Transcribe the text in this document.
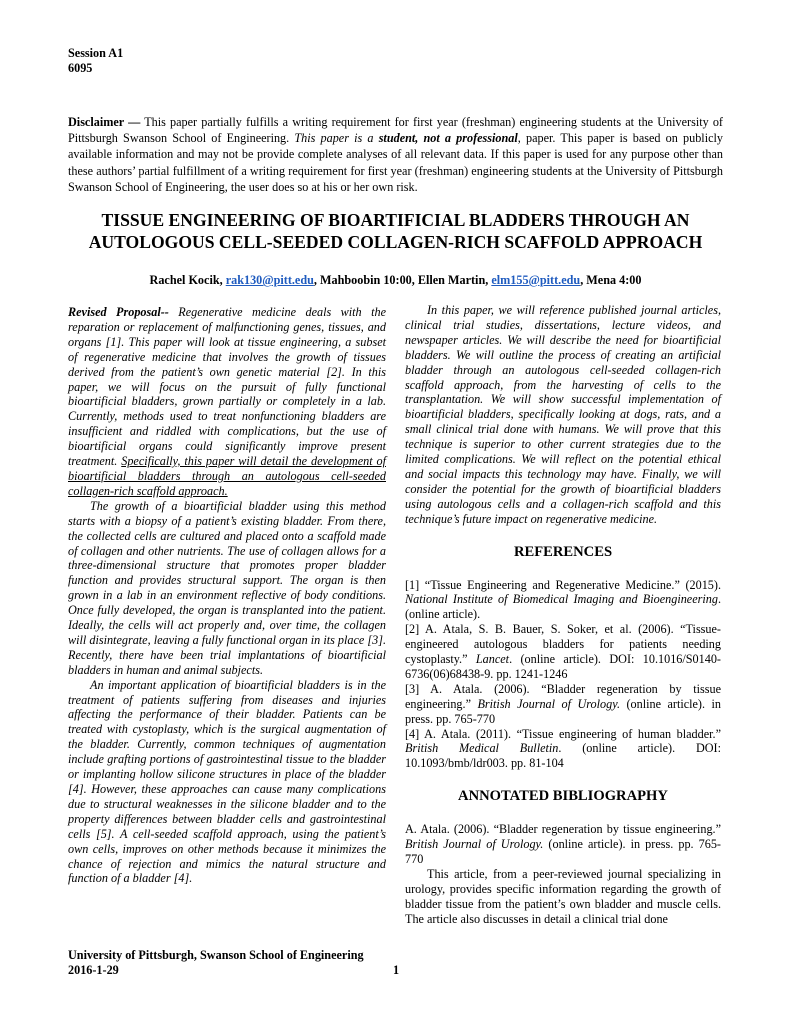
Session A1
6095
Disclaimer — This paper partially fulfills a writing requirement for first year (freshman) engineering students at the University of Pittsburgh Swanson School of Engineering. This paper is a student, not a professional, paper. This paper is based on publicly available information and may not be provide complete analyses of all relevant data. If this paper is used for any purpose other than these authors’ partial fulfillment of a writing requirement for first year (freshman) engineering students at the University of Pittsburgh Swanson School of Engineering, the user does so at his or her own risk.
TISSUE ENGINEERING OF BIOARTIFICIAL BLADDERS THROUGH AN
AUTOLOGOUS CELL-SEEDED COLLAGEN-RICH SCAFFOLD APPROACH
Rachel Kocik, rak130@pitt.edu, Mahboobin 10:00, Ellen Martin, elm155@pitt.edu, Mena 4:00

Revised Proposal-- Regenerative medicine deals with the reparation or replacement of malfunctioning genes, tissues, and organs [1]. This paper will look at tissue engineering, a subset of regenerative medicine that involves the growth of tissues derived from the patient’s own genetic material [2]. In this paper, we will focus on the pursuit of fully functional bioartificial bladders, grown partially or completely in a lab. Currently, methods used to treat nonfunctioning bladders are insufficient and riddled with complications, but the use of bioartificial organs could significantly improve present treatment. Specifically, this paper will detail the development of bioartificial bladders through an autologous cell-seeded collagen-rich scaffold approach.

The growth of a bioartificial bladder using this method starts with a biopsy of a patient’s existing bladder. From there, the collected cells are cultured and placed onto a scaffold made of collagen and other nutrients. The use of collagen allows for a three-dimensional structure that promotes proper bladder function and provides structural support. The organ is then grown in a lab in an environment reflective of body conditions. Once fully developed, the organ is transplanted into the patient. Ideally, the cells will act properly and, over time, the collagen will disintegrate, leaving a fully functional organ in its place [3]. Recently, there have been trial implantations of bioartificial bladders in human and animal subjects.

An important application of bioartificial bladders is in the treatment of patients suffering from diseases and injuries affecting the performance of their bladder. Patients can be treated with cystoplasty, which is the surgical augmentation of the bladder. Currently, common techniques of augmentation include grafting portions of gastrointestinal tissue to the bladder or implanting hollow silicone structures in place of the bladder [4]. However, these approaches can cause many complications due to structural weaknesses in the silicone bladder and to the property differences between bladder cells and gastrointestinal cells [5]. A cell-seeded scaffold approach, using the patient’s own cells, improves on other methods because it minimizes the chance of rejection and mimics the natural structure and function of a bladder [4].

In this paper, we will reference published journal articles, clinical trial studies, dissertations, lecture videos, and newspaper articles. We will describe the need for bioartificial bladders. We will outline the process of creating an artificial bladder through an autologous cell-seeded collagen-rich scaffold approach, from the harvesting of cells to the transplantation. We will show successful implementation of bioartificial bladders, specifically looking at dogs, rats, and a small clinical trial done with humans. We will prove that this technique is superior to other current strategies due to the limited complications. We will reflect on the potential ethical and social impacts this technology may have. Finally, we will consider the potential for the growth of bioartificial bladders using autologous cells and a collagen-rich scaffold and this technique’s future impact on regenerative medicine.

REFERENCES

[1] “Tissue Engineering and Regenerative Medicine.” (2015). National Institute of Biomedical Imaging and Bioengineering. (online article).

[2] A. Atala, S. B. Bauer, S. Soker, et al. (2006). “Tissue-engineered autologous bladders for patients needing cystoplasty.” Lancet. (online article). DOI: 10.1016/S0140-6736(06)68438-9. pp. 1241-1246

[3] A. Atala. (2006). “Bladder regeneration by tissue engineering.” British Journal of Urology. (online article). in press. pp. 765-770

[4] A. Atala. (2011). “Tissue engineering of human bladder.” British Medical Bulletin. (online article). DOI: 10.1093/bmb/ldr003. pp. 81-104

ANNOTATED BIBLIOGRAPHY

A. Atala. (2006). “Bladder regeneration by tissue engineering.” British Journal of Urology. (online article). in press. pp. 765-770

This article, from a peer-reviewed journal specializing in urology, provides specific information regarding the growth of bladder tissue from the patient’s own bladder and muscle cells. The article also discusses in detail a clinical trial done

University of Pittsburgh, Swanson School of Engineering
2016-1-29	1
